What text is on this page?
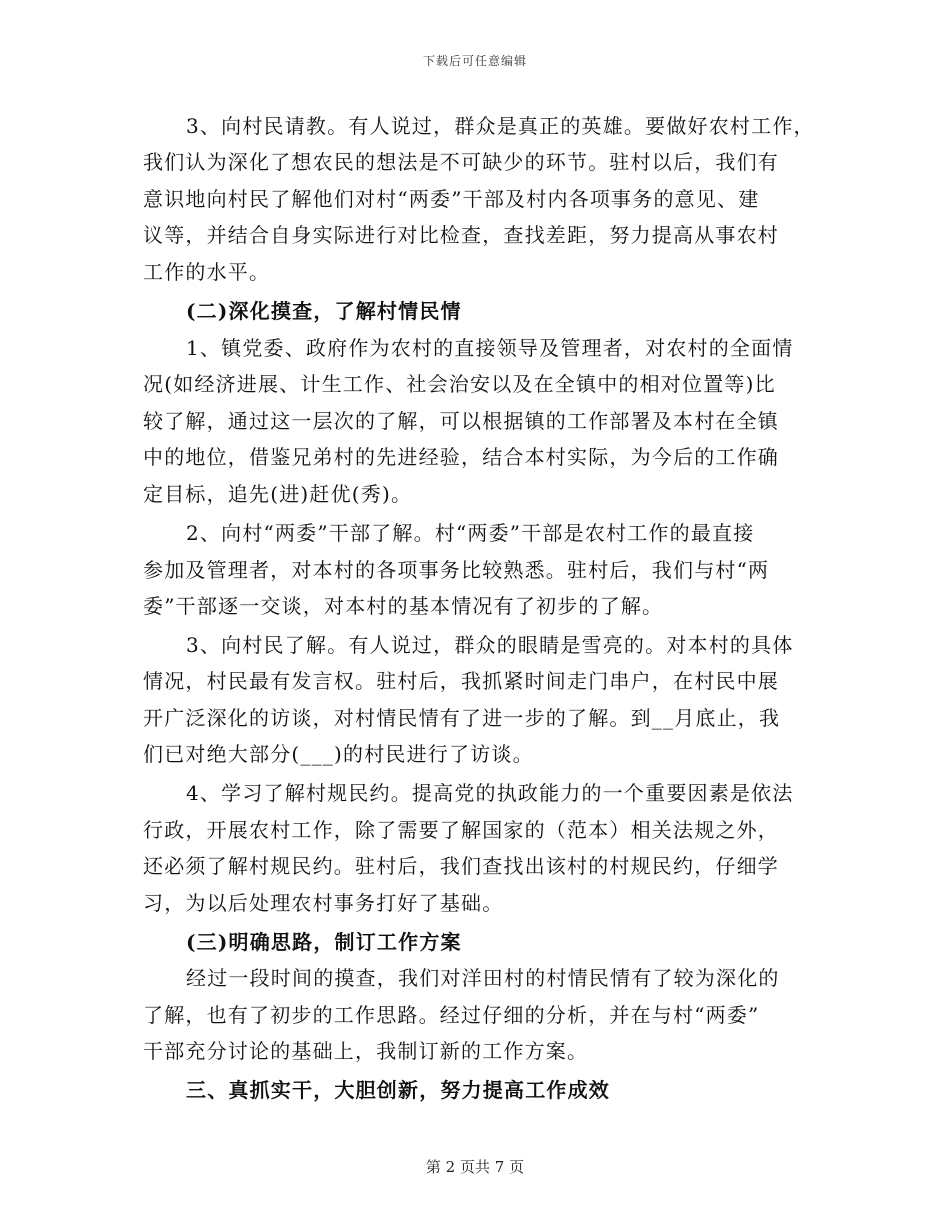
下载后可任意编辑
3、向村民请教。有人说过，群众是真正的英雄。要做好农村工作，
我们认为深化了想农民的想法是不可缺少的环节。驻村以后，我们有
意识地向村民了解他们对村“两委”干部及村内各项事务的意见、建
议等，并结合自身实际进行对比检查，查找差距，努力提高从事农村
工作的水平。
(二)深化摸查，了解村情民情
1、镇党委、政府作为农村的直接领导及管理者，对农村的全面情
况(如经济进展、计生工作、社会治安以及在全镇中的相对位置等)比
较了解，通过这一层次的了解，可以根据镇的工作部署及本村在全镇
中的地位，借鉴兄弟村的先进经验，结合本村实际，为今后的工作确
定目标，追先(进)赶优(秀)。
2、向村“两委”干部了解。村“两委”干部是农村工作的最直接
参加及管理者，对本村的各项事务比较熟悉。驻村后，我们与村“两
委”干部逐一交谈，对本村的基本情况有了初步的了解。
3、向村民了解。有人说过，群众的眼睛是雪亮的。对本村的具体
情况，村民最有发言权。驻村后，我抓紧时间走门串户，在村民中展
开广泛深化的访谈，对村情民情有了进一步的了解。到__月底止，我
们已对绝大部分(___)的村民进行了访谈。
4、学习了解村规民约。提高党的执政能力的一个重要因素是依法
行政，开展农村工作，除了需要了解国家的（范本）相关法规之外，
还必须了解村规民约。驻村后，我们查找出该村的村规民约，仔细学
习，为以后处理农村事务打好了基础。
(三)明确思路，制订工作方案
经过一段时间的摸查，我们对洋田村的村情民情有了较为深化的
了解，也有了初步的工作思路。经过仔细的分析，并在与村“两委”
干部充分讨论的基础上，我制订新的工作方案。
三、真抓实干，大胆创新，努力提高工作成效
第 2 页共 7 页
